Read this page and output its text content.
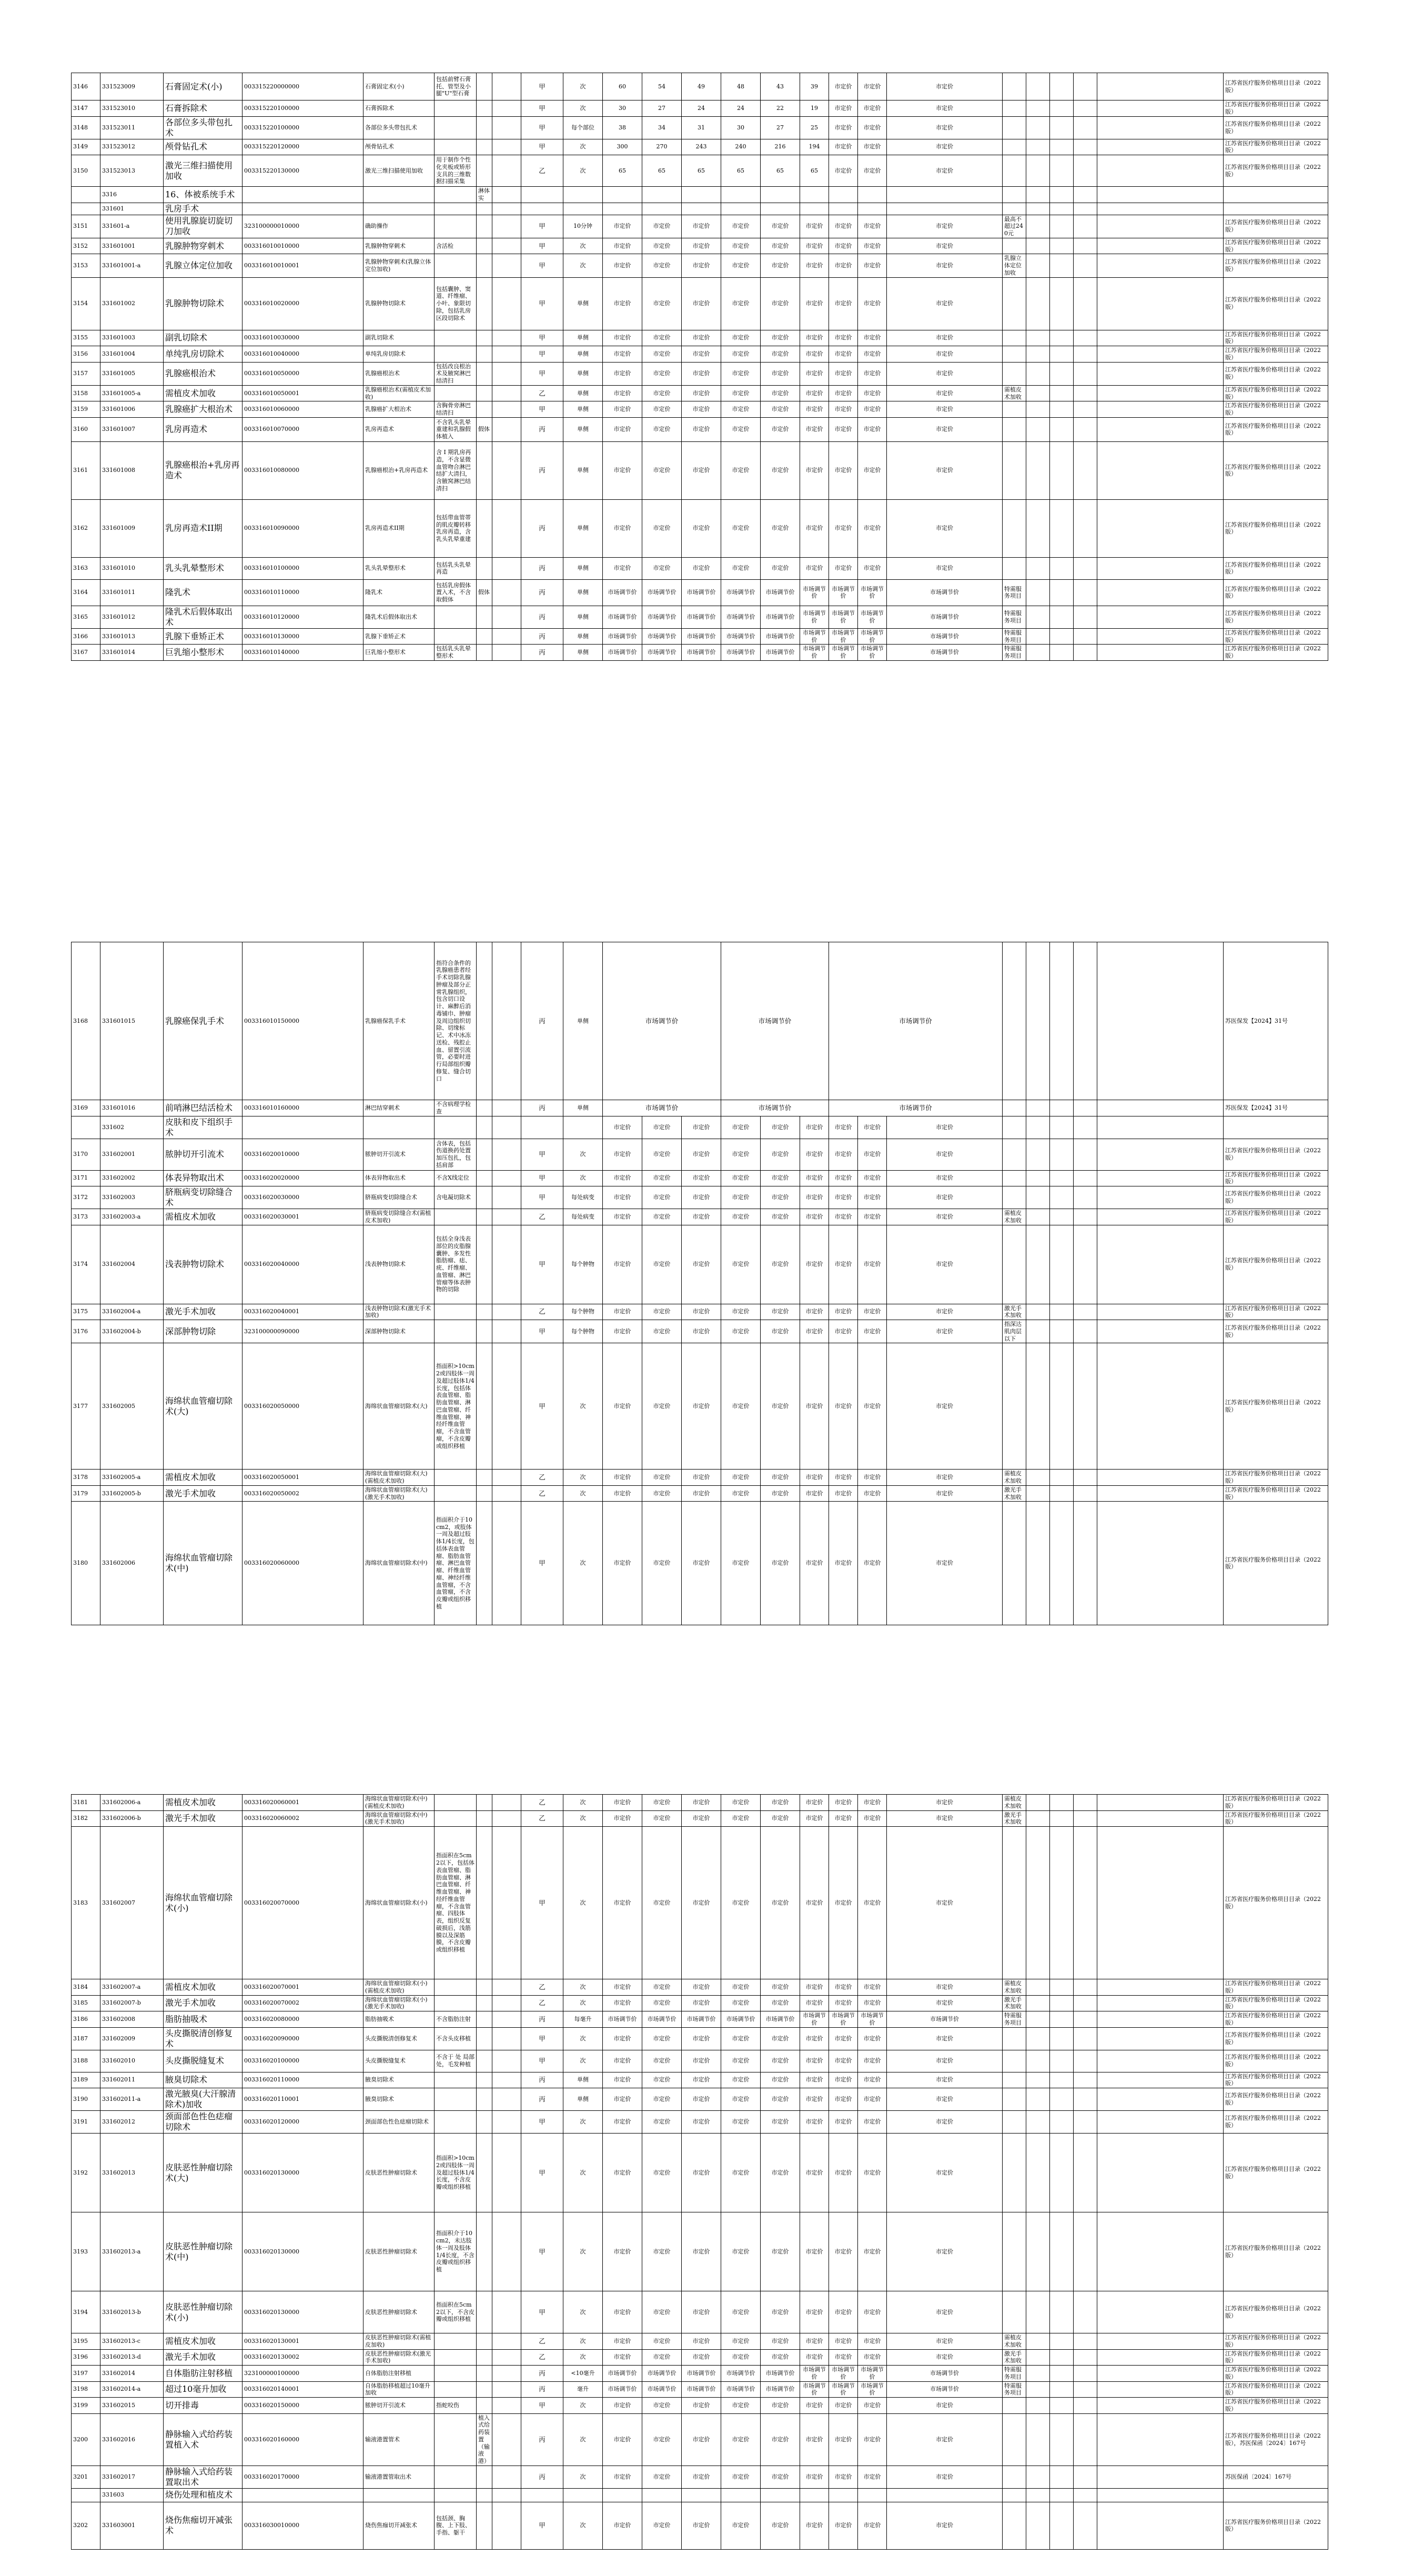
3146	331523009	石膏固定术(小)	003315220000000	石膏固定术(小)	包括前臂石膏托、管型及小腿"U"型石膏			甲	次	60	54	49	48	43	39	市定价	市定价	市定价						江苏省医疗服务价格项目目录（2022版）
3147	331523010	石膏拆除术	003315220100000	石膏拆除术				甲	次	30	27	24	24	22	19	市定价	市定价	市定价						江苏省医疗服务价格项目目录（2022版）
3148	331523011	各部位多头带包扎术	003315220100000	各部位多头带包扎术				甲	每个部位	38	34	31	30	27	25	市定价	市定价	市定价						江苏省医疗服务价格项目目录（2022版）
3149	331523012	颅骨钻孔术	003315220120000	颅骨钻孔术				甲	次	300	270	243	240	216	194	市定价	市定价	市定价						江苏省医疗服务价格项目目录（2022版）
3150	331523013	激光三维扫描使用加收	003315220130000	激光三维扫描使用加收	用于制作个性化夹板或矫形支具的三维数据扫描采集			乙	次	65	65	65	65	65	65	市定价	市定价	市定价						江苏省医疗服务价格项目目录（2022版）
	3316	16、体被系统手术				淋体实																		
	331601	乳房手术																						
3151	331601-a	使用乳腺旋切旋切刀加收	323100000010000	确助操作				甲	10分钟	市定价	市定价	市定价	市定价	市定价	市定价	市定价	市定价	市定价	最高不超过240元					江苏省医疗服务价格项目目录（2022版）
3152	331601001	乳腺肿物穿刺术	003316010010000	乳腺肿物穿刺术	含活检			甲	次	市定价	市定价	市定价	市定价	市定价	市定价	市定价	市定价	市定价						江苏省医疗服务价格项目目录（2022版）
3153	331601001-a	乳腺立体定位加收	003316010010001	乳腺肿物穿刺术(乳腺立体定位加收)				甲	次	市定价	市定价	市定价	市定价	市定价	市定价	市定价	市定价	市定价	乳腺立体定位加收					江苏省医疗服务价格项目目录（2022版）
3154	331601002	乳腺肿物切除术	003316010020000	乳腺肿物切除术	包括囊肿、窦道、纤维瘤、小叶、象限切除，包括乳房区段切除术			甲	单侧	市定价	市定价	市定价	市定价	市定价	市定价	市定价	市定价	市定价						江苏省医疗服务价格项目目录（2022版）
3155	331601003	副乳切除术	003316010030000	副乳切除术				甲	单侧	市定价	市定价	市定价	市定价	市定价	市定价	市定价	市定价	市定价						江苏省医疗服务价格项目目录（2022版）
3156	331601004	单纯乳房切除术	003316010040000	单纯乳房切除术				甲	单侧	市定价	市定价	市定价	市定价	市定价	市定价	市定价	市定价	市定价						江苏省医疗服务价格项目目录（2022版）
3157	331601005	乳腺癌根治术	003316010050000	乳腺癌根治术	包括改良根治术及腋窝淋巴结清扫			甲	单侧	市定价	市定价	市定价	市定价	市定价	市定价	市定价	市定价	市定价						江苏省医疗服务价格项目目录（2022版）
3158	331601005-a	需植皮术加收	003316010050001	乳腺癌根治术(需植皮术加收)				乙	单侧	市定价	市定价	市定价	市定价	市定价	市定价	市定价	市定价	市定价	需植皮术加收					江苏省医疗服务价格项目目录（2022版）
3159	331601006	乳腺癌扩大根治术	003316010060000	乳腺癌扩大根治术	含胸骨旁淋巴结清扫			甲	单侧	市定价	市定价	市定价	市定价	市定价	市定价	市定价	市定价	市定价						江苏省医疗服务价格项目目录（2022版）
3160	331601007	乳房再造术	003316010070000	乳房再造术	不含乳头乳晕重建和乳腺假体植入	假体		丙	单侧	市定价	市定价	市定价	市定价	市定价	市定价	市定价	市定价	市定价						江苏省医疗服务价格项目目录（2022版）
3161	331601008	乳腺癌根治+乳房再造术	003316010080000	乳腺癌根治+乳房再造术	含 I 期乳房再造，不含显微血管吻合淋巴结扩大清扫，含腋窝淋巴结清扫			丙	单侧	市定价	市定价	市定价	市定价	市定价	市定价	市定价	市定价	市定价						江苏省医疗服务价格项目目录（2022版）
3162	331601009	乳房再造术II期	003316010090000	乳房再造术II期	包括带血管蒂的肌皮瓣转移乳房再造，含乳头乳晕重建			丙	单侧	市定价	市定价	市定价	市定价	市定价	市定价	市定价	市定价	市定价						江苏省医疗服务价格项目目录（2022版）
3163	331601010	乳头乳晕整形术	003316010100000	乳头乳晕整形术	包括乳头乳晕再造			丙	单侧	市定价	市定价	市定价	市定价	市定价	市定价	市定价	市定价	市定价						江苏省医疗服务价格项目目录（2022版）
3164	331601011	隆乳术	003316010110000	隆乳术	包括乳房假体置入术，不含取假体	假体		丙	单侧	市场调节价	市场调节价	市场调节价	市场调节价	市场调节价	市场调节价	市场调节价	市场调节价	市场调节价	特需服务项目					江苏省医疗服务价格项目目录（2022版）
3165	331601012	隆乳术后假体取出术	003316010120000	隆乳术后假体取出术				丙	单侧	市场调节价	市场调节价	市场调节价	市场调节价	市场调节价	市场调节价	市场调节价	市场调节价	市场调节价	特需服务项目					江苏省医疗服务价格项目目录（2022版）
3166	331601013	乳腺下垂矫正术	003316010130000	乳腺下垂矫正术				丙	单侧	市场调节价	市场调节价	市场调节价	市场调节价	市场调节价	市场调节价	市场调节价	市场调节价	市场调节价	特需服务项目					江苏省医疗服务价格项目目录（2022版）
3167	331601014	巨乳缩小整形术	003316010140000	巨乳缩小整形术	包括乳头乳晕整形术			丙	单侧	市场调节价	市场调节价	市场调节价	市场调节价	市场调节价	市场调节价	市场调节价	市场调节价	市场调节价	特需服务项目					江苏省医疗服务价格项目目录（2022版）
3168	331601015	乳腺癌保乳手术	003316010150000	乳腺癌保乳手术	指符合条件的乳腺癌患者经手术切除乳腺肿瘤及部分正常乳腺组织，包含切口设计、麻醉后消毒铺巾、肿瘤及周边组织切除、切缘标记、术中冰冻送检、残腔止血、留置引流管，必要时进行局部组织瓣修复、缝合切口			丙	单侧	市场调节价			市场调节价			市场调节价								苏医保发【2024】31号
3169	331601016	前哨淋巴结活检术	003316010160000	淋巴结穿刺术	不含病理学检查			丙	单侧	市场调节价			市场调节价			市场调节价								苏医保发【2024】31号
	331602	皮肤和皮下组织手术								市定价	市定价	市定价	市定价	市定价	市定价	市定价	市定价	市定价						
3170	331602001	脓肿切开引流术	003316020010000	脓肿切开引流术	含体表，包括伤道换药处置加压包扎，包括肩部			甲	次	市定价	市定价	市定价	市定价	市定价	市定价	市定价	市定价	市定价						江苏省医疗服务价格项目目录（2022版）
3171	331602002	体表异物取出术	003316020020000	体表异物取出术	不含X线定位			甲	次	市定价	市定价	市定价	市定价	市定价	市定价	市定价	市定价	市定价						江苏省医疗服务价格项目目录（2022版）
3172	331602003	脐瓶病变切除缝合术	003316020030000	脐瓶病变切除缝合术	含电凝切除术			甲	每处病变	市定价	市定价	市定价	市定价	市定价	市定价	市定价	市定价	市定价						江苏省医疗服务价格项目目录（2022版）
3173	331602003-a	需植皮术加收	003316020030001	脐瓶病变切除缝合术(需植皮术加收)				乙	每处病变	市定价	市定价	市定价	市定价	市定价	市定价	市定价	市定价	市定价	需植皮术加收					江苏省医疗服务价格项目目录（2022版）
3174	331602004	浅表肿物切除术	003316020040000	浅表肿物切除术	包括全身浅表部位的皮脂腺囊肿、多发性脂肪瘤、痣、疣、纤维瘤、血管瘤、淋巴管瘤等体表肿物的切除			甲	每个肿物	市定价	市定价	市定价	市定价	市定价	市定价	市定价	市定价	市定价						江苏省医疗服务价格项目目录（2022版）
3175	331602004-a	激光手术加收	003316020040001	浅表肿物切除术(激光手术加收)				乙	每个肿物	市定价	市定价	市定价	市定价	市定价	市定价	市定价	市定价	市定价	激光手术加收					江苏省医疗服务价格项目目录（2022版）
3176	331602004-b	深部肿物切除	323100000090000	深部肿物切除术				甲	每个肿物	市定价	市定价	市定价	市定价	市定价	市定价	市定价	市定价	市定价	指深达肌肉层以下					江苏省医疗服务价格项目目录（2022版）
3177	331602005	海绵状血管瘤切除术(大)	003316020050000	海绵状血管瘤切除术(大)	指面积>10cm2或四肢体一周及超过肢体1/4长度，包括体表血管瘤、脂肪血管瘤、淋巴血管瘤、纤维血管瘤、神经纤维血管瘤，不含血管瘤，不含皮瓣或组织移植			甲	次	市定价	市定价	市定价	市定价	市定价	市定价	市定价	市定价	市定价						江苏省医疗服务价格项目目录（2022版）
3178	331602005-a	需植皮术加收	003316020050001	海绵状血管瘤切除术(大)(需植皮术加收)				乙	次	市定价	市定价	市定价	市定价	市定价	市定价	市定价	市定价	市定价	需植皮术加收					江苏省医疗服务价格项目目录（2022版）
3179	331602005-b	激光手术加收	003316020050002	海绵状血管瘤切除术(大)(激光手术加收)				乙	次	市定价	市定价	市定价	市定价	市定价	市定价	市定价	市定价	市定价	激光手术加收					江苏省医疗服务价格项目目录（2022版）
3180	331602006	海绵状血管瘤切除术(中)	003316020060000	海绵状血管瘤切除术(中)	指面积介于10cm2，或肢体一周及超过肢体1/4长度，包括体表血管瘤、脂肪血管瘤、淋巴血管瘤、纤维血管瘤、神经纤维血管瘤，不含血管瘤，不含皮瓣或组织移植			甲	次	市定价	市定价	市定价	市定价	市定价	市定价	市定价	市定价	市定价						江苏省医疗服务价格项目目录（2022版）
3181	331602006-a	需植皮术加收	003316020060001	海绵状血管瘤切除术(中)(需植皮术加收)				乙	次	市定价	市定价	市定价	市定价	市定价	市定价	市定价	市定价	市定价	需植皮术加收					江苏省医疗服务价格项目目录（2022版）
3182	331602006-b	激光手术加收	003316020060002	海绵状血管瘤切除术(中)(激光手术加收)				乙	次	市定价	市定价	市定价	市定价	市定价	市定价	市定价	市定价	市定价	激光手术加收					江苏省医疗服务价格项目目录（2022版）
3183	331602007	海绵状血管瘤切除术(小)	003316020070000	海绵状血管瘤切除术(小)	指面积在5cm2以下，包括体表血管瘤、脂肪血管瘤、淋巴血管瘤、纤维血管瘤、神经纤维血管瘤，不含血管瘤、四肢体表，组织反复破损后，浅筋膜以及深筋膜，不含皮瓣或组织移植			甲	次	市定价	市定价	市定价	市定价	市定价	市定价	市定价	市定价	市定价						江苏省医疗服务价格项目目录（2022版）
3184	331602007-a	需植皮术加收	003316020070001	海绵状血管瘤切除术(小)(需植皮术加收)				乙	次	市定价	市定价	市定价	市定价	市定价	市定价	市定价	市定价	市定价	需植皮术加收					江苏省医疗服务价格项目目录（2022版）
3185	331602007-b	激光手术加收	003316020070002	海绵状血管瘤切除术(小)(激光手术加收)				乙	次	市定价	市定价	市定价	市定价	市定价	市定价	市定价	市定价	市定价	激光手术加收					江苏省医疗服务价格项目目录（2022版）
3186	331602008	脂肪抽吸术	003316020080000	脂肪抽吸术	不含脂肪注射			丙	每毫升	市场调节价	市场调节价	市场调节价	市场调节价	市场调节价	市场调节价	市场调节价	市场调节价	市场调节价	特需服务项目					江苏省医疗服务价格项目目录（2022版）
3187	331602009	头皮撕脱清创修复术	003316020090000	头皮撕脱清创修复术	不含头皮移植			甲	次	市定价	市定价	市定价	市定价	市定价	市定价	市定价	市定价	市定价						江苏省医疗服务价格项目目录（2022版）
3188	331602010	头皮撕脱缝复术	003316020100000	头皮撕脱缝复术	不含于 处 局部处，毛发种植			甲	次	市定价	市定价	市定价	市定价	市定价	市定价	市定价	市定价	市定价						江苏省医疗服务价格项目目录（2022版）
3189	331602011	腋臭切除术	003316020110000	腋臭切除术				丙	单侧	市定价	市定价	市定价	市定价	市定价	市定价	市定价	市定价	市定价						江苏省医疗服务价格项目目录（2022版）
3190	331602011-a	激光腋臭(大汗腺清除术)加收	003316020110001	腋臭切除术				丙	单侧	市定价	市定价	市定价	市定价	市定价	市定价	市定价	市定价	市定价						江苏省医疗服务价格项目目录（2022版）
3191	331602012	颈面部色性色痣瘤切除术	003316020120000	颈面部色性色痣瘤切除术				甲	次	市定价	市定价	市定价	市定价	市定价	市定价	市定价	市定价	市定价						江苏省医疗服务价格项目目录（2022版）
3192	331602013	皮肤恶性肿瘤切除术(大)	003316020130000	皮肤恶性肿瘤切除术	指面积>10cm2或四肢体一周及超过肢体1/4长度，不含皮瓣或组织移植			甲	次	市定价	市定价	市定价	市定价	市定价	市定价	市定价	市定价	市定价						江苏省医疗服务价格项目目录（2022版）
3193	331602013-a	皮肤恶性肿瘤切除术(中)	003316020130000	皮肤恶性肿瘤切除术	指面积介于10cm2，未达肢体一周及肢体1/4长度，不含皮瓣或组织移植			甲	次	市定价	市定价	市定价	市定价	市定价	市定价	市定价	市定价	市定价						江苏省医疗服务价格项目目录（2022版）
3194	331602013-b	皮肤恶性肿瘤切除术(小)	003316020130000	皮肤恶性肿瘤切除术	指面积在5cm2以下，不含皮瓣或组织移植			甲	次	市定价	市定价	市定价	市定价	市定价	市定价	市定价	市定价	市定价						江苏省医疗服务价格项目目录（2022版）
3195	331602013-c	需植皮术加收	003316020130001	皮肤恶性肿瘤切除术(需植皮加收)				乙	次	市定价	市定价	市定价	市定价	市定价	市定价	市定价	市定价	市定价	需植皮术加收					江苏省医疗服务价格项目目录（2022版）
3196	331602013-d	激光手术加收	003316020130002	皮肤恶性肿瘤切除术(激光手术加收)				乙	次	市定价	市定价	市定价	市定价	市定价	市定价	市定价	市定价	市定价	激光手术加收					江苏省医疗服务价格项目目录（2022版）
3197	331602014	自体脂肪注射移植	323100000100000	自体脂肪注射移植				丙	<10毫升	市场调节价	市场调节价	市场调节价	市场调节价	市场调节价	市场调节价	市场调节价	市场调节价	市场调节价	特需服务项目					江苏省医疗服务价格项目目录（2022版）
3198	331602014-a	超过10毫升加收	003316020140001	自体脂肪移植超过10毫升加收				丙	毫升	市场调节价	市场调节价	市场调节价	市场调节价	市场调节价	市场调节价	市场调节价	市场调节价	市场调节价	特需服务项目					江苏省医疗服务价格项目目录（2022版）
3199	331602015	切开排毒	003316020150000	脓肿切开引流术	指蛇咬伤			甲	次	市定价	市定价	市定价	市定价	市定价	市定价	市定价	市定价	市定价						江苏省医疗服务价格项目目录（2022版）
3200	331602016	静脉输入式给药装置植入术	003316020160000	输液港置管术		植入式给药装置（输液港）		丙	次	市定价	市定价	市定价	市定价	市定价	市定价	市定价	市定价	市定价						江苏省医疗服务价格项目目录（2022版），苏医保函〔2024〕167号
3201	331602017	静脉输入式给药装置取出术	003316020170000	输液港置管取出术				丙	次	市定价	市定价	市定价	市定价	市定价	市定价	市定价	市定价	市定价						苏医保函〔2024〕167号
	331603	烧伤处理和植皮术																						
3202	331603001	烧伤焦痂切开减张术	003316030010000	烧伤焦痂切开减张术	包括颈、胸腹、上下肢、手指、躯干			甲	次	市定价	市定价	市定价	市定价	市定价	市定价	市定价	市定价	市定价						江苏省医疗服务价格项目目录（2022版）
